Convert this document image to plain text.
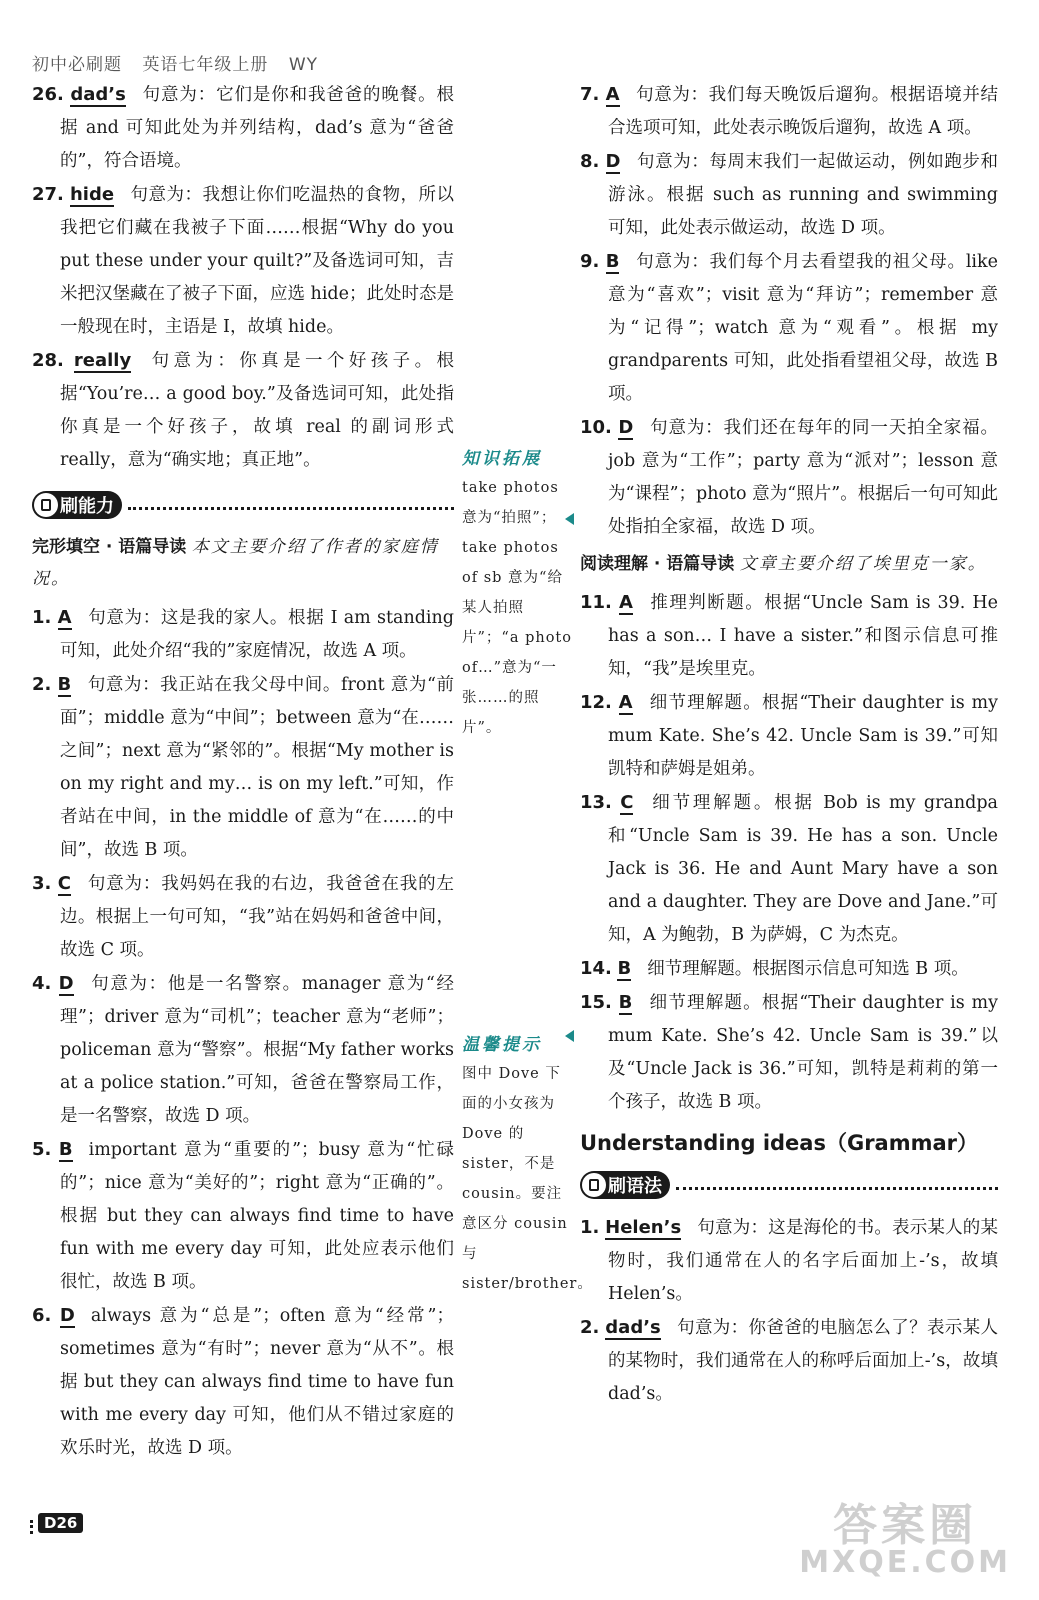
初中必刷题 英语七年级上册 WY
26. dad’s 句意为：它们是你和我爸爸的晚餐。根据 and 可知此处为并列结构，dad’s 意为“爸爸的”，符合语境。
27. hide 句意为：我想让你们吃温热的食物，所以我把它们藏在我被子下面……根据“Why do you put these under your quilt?”及备选词可知，吉米把汉堡藏在了被子下面，应选 hide；此处时态是一般现在时，主语是 I，故填 hide。
28. really 句意为：你真是一个好孩子。根据“You’re… a good boy.”及备选词可知，此处指你真是一个好孩子，故填 real 的副词形式 really，意为“确实地；真正地”。
刷能力
完形填空 · 语篇导读 本文主要介绍了作者的家庭情况。
1. A 句意为：这是我的家人。根据 I am standing 可知，此处介绍“我的”家庭情况，故选 A 项。
2. B 句意为：我正站在我父母中间。front 意为“前面”；middle 意为“中间”；between 意为“在……之间”；next 意为“紧邻的”。根据“My mother is on my right and my… is on my left.”可知，作者站在中间，in the middle of 意为“在……的中间”，故选 B 项。
3. C 句意为：我妈妈在我的右边，我爸爸在我的左边。根据上一句可知，“我”站在妈妈和爸爸中间，故选 C 项。
4. D 句意为：他是一名警察。manager 意为“经理”；driver 意为“司机”；teacher 意为“老师”；policeman 意为“警察”。根据“My father works at a police station.”可知，爸爸在警察局工作，是一名警察，故选 D 项。
5. B important 意为“重要的”；busy 意为“忙碌的”；nice 意为“美好的”；right 意为“正确的”。根据 but they can always find time to have fun with me every day 可知，此处应表示他们很忙，故选 B 项。
6. D always 意为“总是”；often 意为“经常”；sometimes 意为“有时”；never 意为“从不”。根据 but they can always find time to have fun with me every day 可知，他们从不错过家庭的欢乐时光，故选 D 项。
知识拓展
take photos 意为“拍照”；take photos of sb 意为“给某人拍照片”；“a photo of…”意为“一张……的照片”。
温馨提示
图中 Dove 下面的小女孩为 Dove 的 sister，不是 cousin。要注意区分 cousin 与 sister/brother。
7. A 句意为：我们每天晚饭后遛狗。根据语境并结合选项可知，此处表示晚饭后遛狗，故选 A 项。
8. D 句意为：每周末我们一起做运动，例如跑步和游泳。根据 such as running and swimming 可知，此处表示做运动，故选 D 项。
9. B 句意为：我们每个月去看望我的祖父母。like 意为“喜欢”；visit 意为“拜访”；remember 意为“记得”；watch 意为“观看”。根据 my grandparents 可知，此处指看望祖父母，故选 B 项。
10. D 句意为：我们还在每年的同一天拍全家福。job 意为“工作”；party 意为“派对”；lesson 意为“课程”；photo 意为“照片”。根据后一句可知此处指拍全家福，故选 D 项。
阅读理解 · 语篇导读 文章主要介绍了埃里克一家。
11. A 推理判断题。根据“Uncle Sam is 39. He has a son… I have a sister.”和图示信息可推知，“我”是埃里克。
12. A 细节理解题。根据“Their daughter is my mum Kate. She’s 42. Uncle Sam is 39.”可知凯特和萨姆是姐弟。
13. C 细节理解题。根据 Bob is my grandpa 和“Uncle Sam is 39. He has a son. Uncle Jack is 36. He and Aunt Mary have a son and a daughter. They are Dove and Jane.”可知，A 为鲍勃，B 为萨姆，C 为杰克。
14. B 细节理解题。根据图示信息可知选 B 项。
15. B 细节理解题。根据“Their daughter is my mum Kate. She’s 42. Uncle Sam is 39.”以及“Uncle Jack is 36.”可知，凯特是莉莉的第一个孩子，故选 B 项。
Understanding ideas（Grammar）
刷语法
1. Helen’s 句意为：这是海伦的书。表示某人的某物时，我们通常在人的名字后面加上-’s，故填 Helen’s。
2. dad’s 句意为：你爸爸的电脑怎么了？表示某人的某物时，我们通常在人的称呼后面加上-’s，故填 dad’s。
D26	答案圈
MXQE.COM
